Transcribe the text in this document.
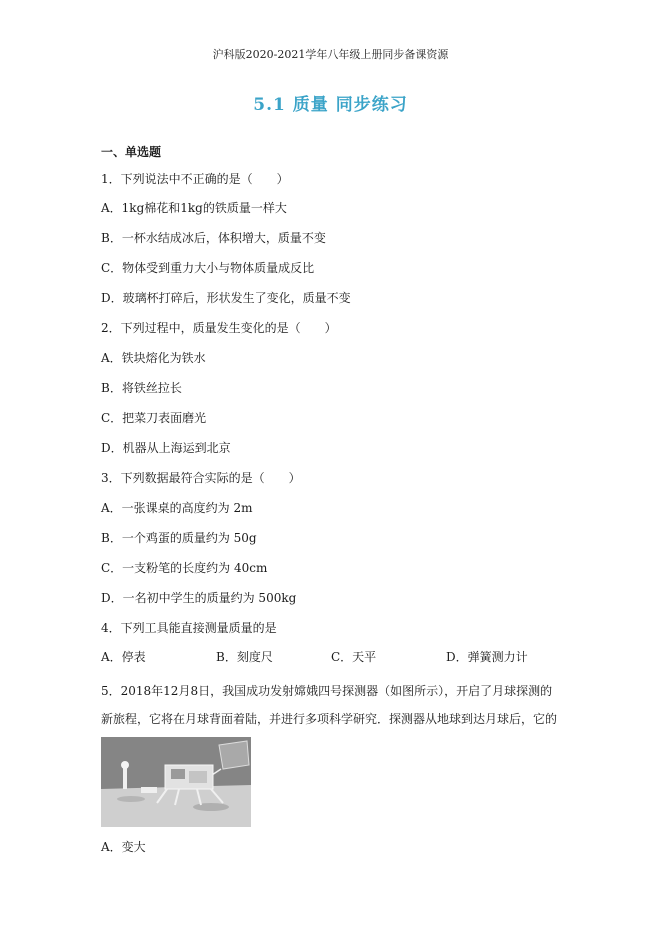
沪科版2020-2021学年八年级上册同步备课资源
5.1 质量 同步练习
一、单选题
1．下列说法中不正确的是（　　）
A．1kg棉花和1kg的铁质量一样大
B．一杯水结成冰后，体积增大，质量不变
C．物体受到重力大小与物体质量成反比
D．玻璃杯打碎后，形状发生了变化，质量不变
2．下列过程中，质量发生变化的是（　　）
A．铁块熔化为铁水
B．将铁丝拉长
C．把菜刀表面磨光
D．机器从上海运到北京
3．下列数据最符合实际的是（　　）
A．一张课桌的高度约为 2m
B．一个鸡蛋的质量约为 50g
C．一支粉笔的长度约为 40cm
D．一名初中学生的质量约为 500kg
4．下列工具能直接测量质量的是
A．停表	B．刻度尺	C．天平	D．弹簧测力计
5．2018年12月8日，我国成功发射嫦娥四号探测器（如图所示），开启了月球探测的新旅程，它将在月球背面着陆，并进行多项科学研究．探测器从地球到达月球后，它的
A．变大
